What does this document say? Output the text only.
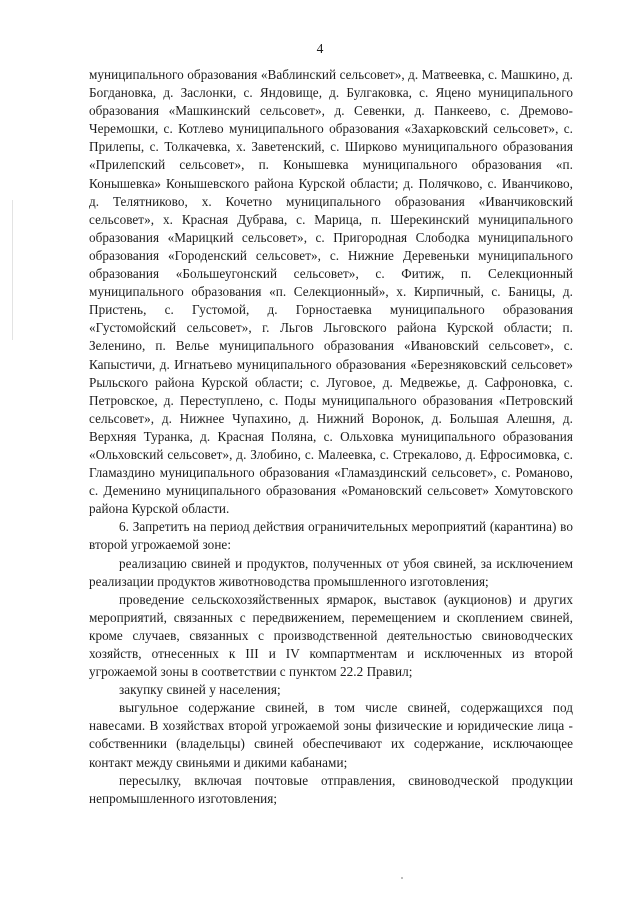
4

муниципального образования «Ваблинский сельсовет», д. Матвеевка, с. Машкино, д. Богдановка, д. Заслонки, с. Яндовище, д. Булгаковка, с. Яцено муниципального образования «Машкинский сельсовет», д. Севенки, д. Панкеево, с. Дремово-Черемошки, с. Котлево муниципального образования «Захарковский сельсовет», с. Прилепы, с. Толкачевка, х. Заветенский, с. Ширково муниципального образования «Прилепский сельсовет», п. Конышевка муниципального образования «п. Конышевка» Конышевского района Курской области; д. Полячково, с. Иванчиково, д. Телятниково, х. Кочетно муниципального образования «Иванчиковский сельсовет», х. Красная Дубрава, с. Марица, п. Шерекинский муниципального образования «Марицкий сельсовет», с. Пригородная Слободка муниципального образования «Городенский сельсовет», с. Нижние Деревеньки муниципального образования «Большеугонский сельсовет», с. Фитиж, п. Селекционный муниципального образования «п. Селекционный», х. Кирпичный, с. Баницы, д. Пристень, с. Густомой, д. Горностаевка муниципального образования «Густомойский сельсовет», г. Льгов Льговского района Курской области; п. Зеленино, п. Велье муниципального образования «Ивановский сельсовет», с. Капыстичи, д. Игнатьево муниципального образования «Березняковский сельсовет» Рыльского района Курской области; с. Луговое, д. Медвежье, д. Сафроновка, с. Петровское, д. Переступлено, с. Поды муниципального образования «Петровский сельсовет», д. Нижнее Чупахино, д. Нижний Воронок, д. Большая Алешня, д. Верхняя Туранка, д. Красная Поляна, с. Ольховка муниципального образования «Ольховский сельсовет», д. Злобино, с. Малеевка, с. Стрекалово, д. Ефросимовка, с. Гламаздино муниципального образования «Гламаздинский сельсовет», с. Романово, с. Деменино муниципального образования «Романовский сельсовет» Хомутовского района Курской области.

6. Запретить на период действия ограничительных мероприятий (карантина) во второй угрожаемой зоне:

реализацию свиней и продуктов, полученных от убоя свиней, за исключением реализации продуктов животноводства промышленного изготовления;

проведение сельскохозяйственных ярмарок, выставок (аукционов) и других мероприятий, связанных с передвижением, перемещением и скоплением свиней, кроме случаев, связанных с производственной деятельностью свиноводческих хозяйств, отнесенных к III и IV компартментам и исключенных из второй угрожаемой зоны в соответствии с пунктом 22.2 Правил;

закупку свиней у населения;

выгульное содержание свиней, в том числе свиней, содержащихся под навесами. В хозяйствах второй угрожаемой зоны физические и юридические лица - собственники (владельцы) свиней обеспечивают их содержание, исключающее контакт между свиньями и дикими кабанами;

пересылку, включая почтовые отправления, свиноводческой продукции непромышленного изготовления;
